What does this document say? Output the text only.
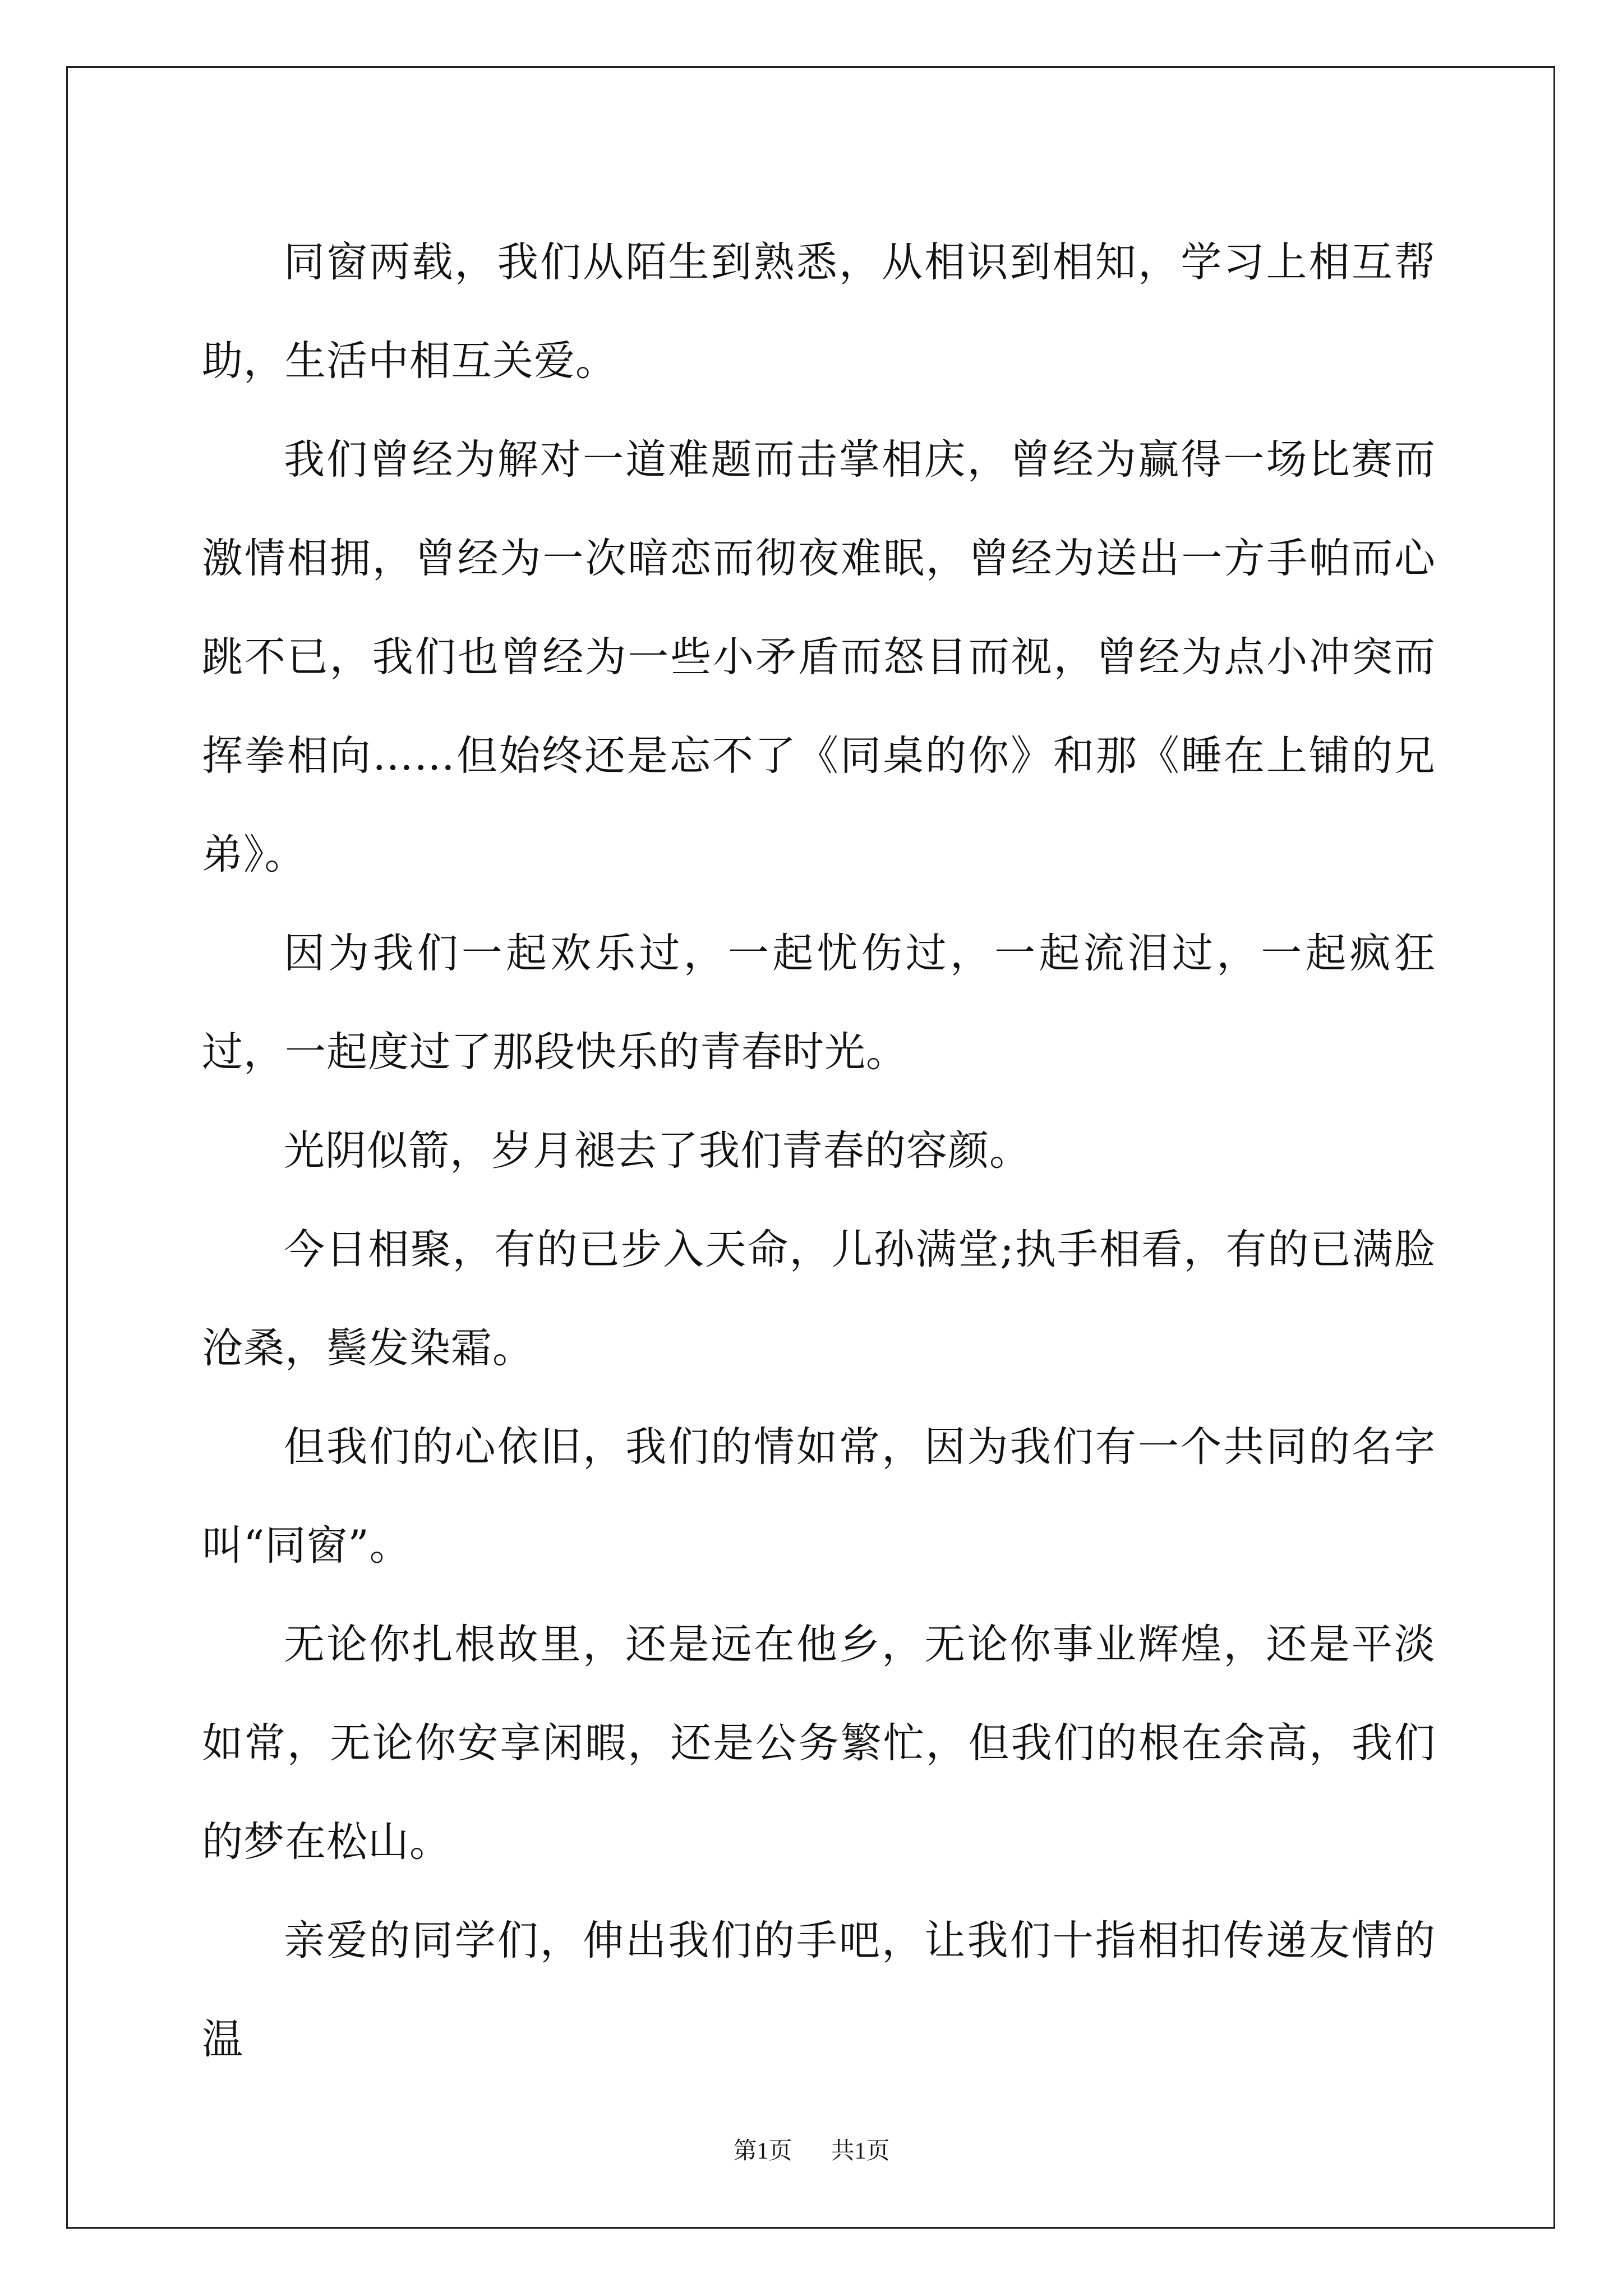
同窗两载，我们从陌生到熟悉，从相识到相知，学习上相互帮助，生活中相互关爱。

我们曾经为解对一道难题而击掌相庆，曾经为赢得一场比赛而激情相拥，曾经为一次暗恋而彻夜难眠，曾经为送出一方手帕而心跳不已，我们也曾经为一些小矛盾而怒目而视，曾经为点小冲突而挥拳相向……但始终还是忘不了《同桌的你》和那《睡在上铺的兄弟》。

因为我们一起欢乐过，一起忧伤过，一起流泪过，一起疯狂过，一起度过了那段快乐的青春时光。

光阴似箭，岁月褪去了我们青春的容颜。

今日相聚，有的已步入天命，儿孙满堂;执手相看，有的已满脸沧桑，鬓发染霜。

但我们的心依旧，我们的情如常，因为我们有一个共同的名字叫“同窗”。

无论你扎根故里，还是远在他乡，无论你事业辉煌，还是平淡如常，无论你安享闲暇，还是公务繁忙，但我们的根在余高，我们的梦在松山。

亲爱的同学们，伸出我们的手吧，让我们十指相扣传递友情的温

第1页 共1页
